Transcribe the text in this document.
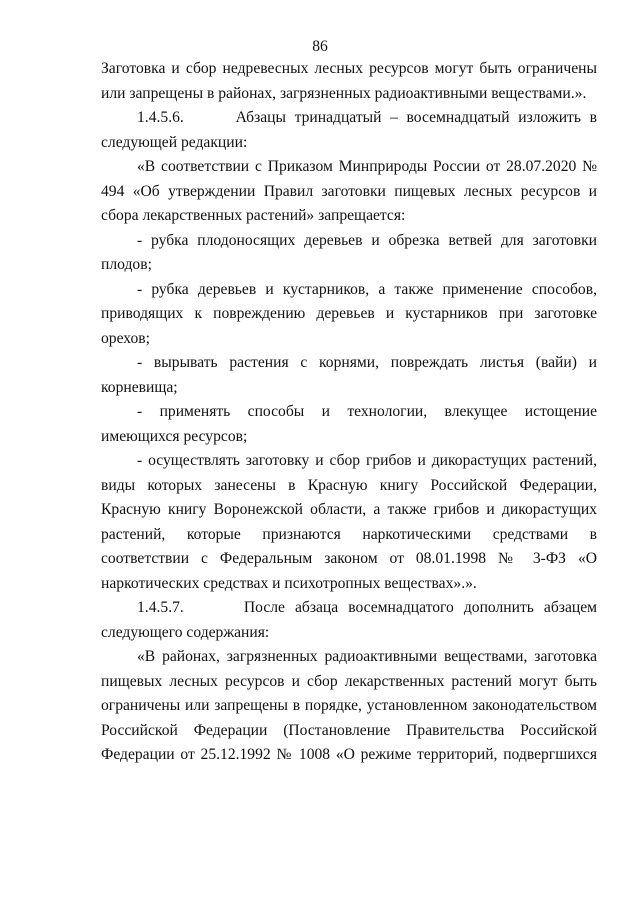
86

Заготовка и сбор недревесных лесных ресурсов могут быть ограничены или запрещены в районах, загрязненных радиоактивными веществами.».

1.4.5.6.      Абзацы тринадцатый – восемнадцатый изложить в следующей редакции:

«В соответствии с Приказом Минприроды России от 28.07.2020 № 494 «Об утверждении Правил заготовки пищевых лесных ресурсов и сбора лекарственных растений» запрещается:

- рубка плодоносящих деревьев и обрезка ветвей для заготовки плодов;

- рубка деревьев и кустарников, а также применение способов, приводящих к повреждению деревьев и кустарников при заготовке орехов;

- вырывать растения с корнями, повреждать листья (вайи) и корневища;

- применять способы и технологии, влекущее истощение имеющихся ресурсов;

- осуществлять заготовку и сбор грибов и дикорастущих растений, виды которых занесены в Красную книгу Российской Федерации, Красную книгу Воронежской области, а также грибов и дикорастущих растений, которые признаются наркотическими средствами в соответствии с Федеральным законом от 08.01.1998 № 3-ФЗ «О наркотических средствах и психотропных веществах».».

1.4.5.7.      После абзаца восемнадцатого дополнить абзацем следующего содержания:

«В районах, загрязненных радиоактивными веществами, заготовка пищевых лесных ресурсов и сбор лекарственных растений могут быть ограничены или запрещены в порядке, установленном законодательством Российской Федерации (Постановление Правительства Российской Федерации от 25.12.1992 № 1008 «О режиме территорий, подвергшихся
